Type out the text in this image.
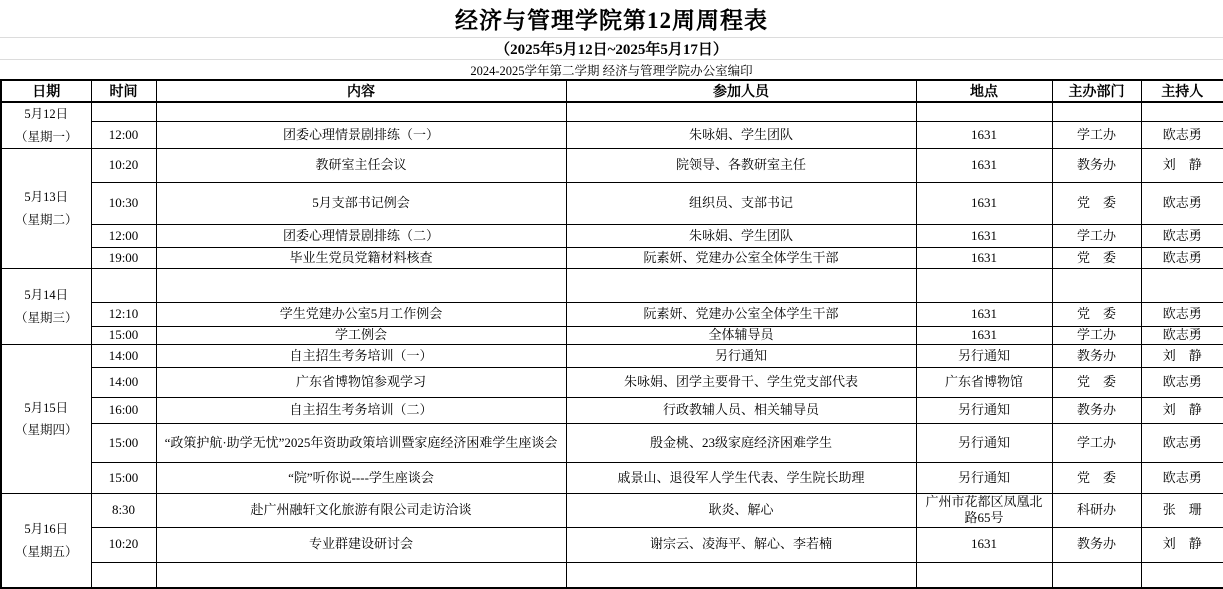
经济与管理学院第12周周程表
（2025年5月12日~2025年5月17日）
2024-2025学年第二学期 经济与管理学院办公室编印
日期	时间	内容	参加人员	地点	主办部门	主持人

5月12日
（星期一）						

	12:00	团委心理情景剧排练（一）	朱咏娟、学生团队	1631	学工办	欧志勇

5月13日
（星期二）	10:20	教研室主任会议	院领导、各教研室主任	1631	教务办	刘　静
	10:30	5月支部书记例会	组织员、支部书记	1631	党　委	欧志勇
	12:00	团委心理情景剧排练（二）	朱咏娟、学生团队	1631	学工办	欧志勇
	19:00	毕业生党员党籍材料核查	阮素妍、党建办公室全体学生干部	1631	党　委	欧志勇

5月14日
（星期三）						

	12:10	学生党建办公室5月工作例会	阮素妍、党建办公室全体学生干部	1631	党　委	欧志勇
	15:00	学工例会	全体辅导员	1631	学工办	欧志勇

5月15日
（星期四）	14:00	自主招生考务培训（一）	另行通知	另行通知	教务办	刘　静
	14:00	广东省博物馆参观学习	朱咏娟、团学主要骨干、学生党支部代表	广东省博物馆	党　委	欧志勇
	16:00	自主招生考务培训（二）	行政教辅人员、相关辅导员	另行通知	教务办	刘　静
	15:00	“政策护航·助学无忧”2025年资助政策培训暨家庭经济困难学生座谈会	殷金桃、23级家庭经济困难学生	另行通知	学工办	欧志勇
	15:00	“院”听你说----学生座谈会	戚景山、退役军人学生代表、学生院长助理	另行通知	党　委	欧志勇

5月16日
（星期五）	8:30	赴广州融轩文化旅游有限公司走访洽谈	耿炎、解心	广州市花都区凤凰北路65号	科研办	张　珊
	10:20	专业群建设研讨会	谢宗云、凌海平、解心、李若楠	1631	教务办	刘　静
